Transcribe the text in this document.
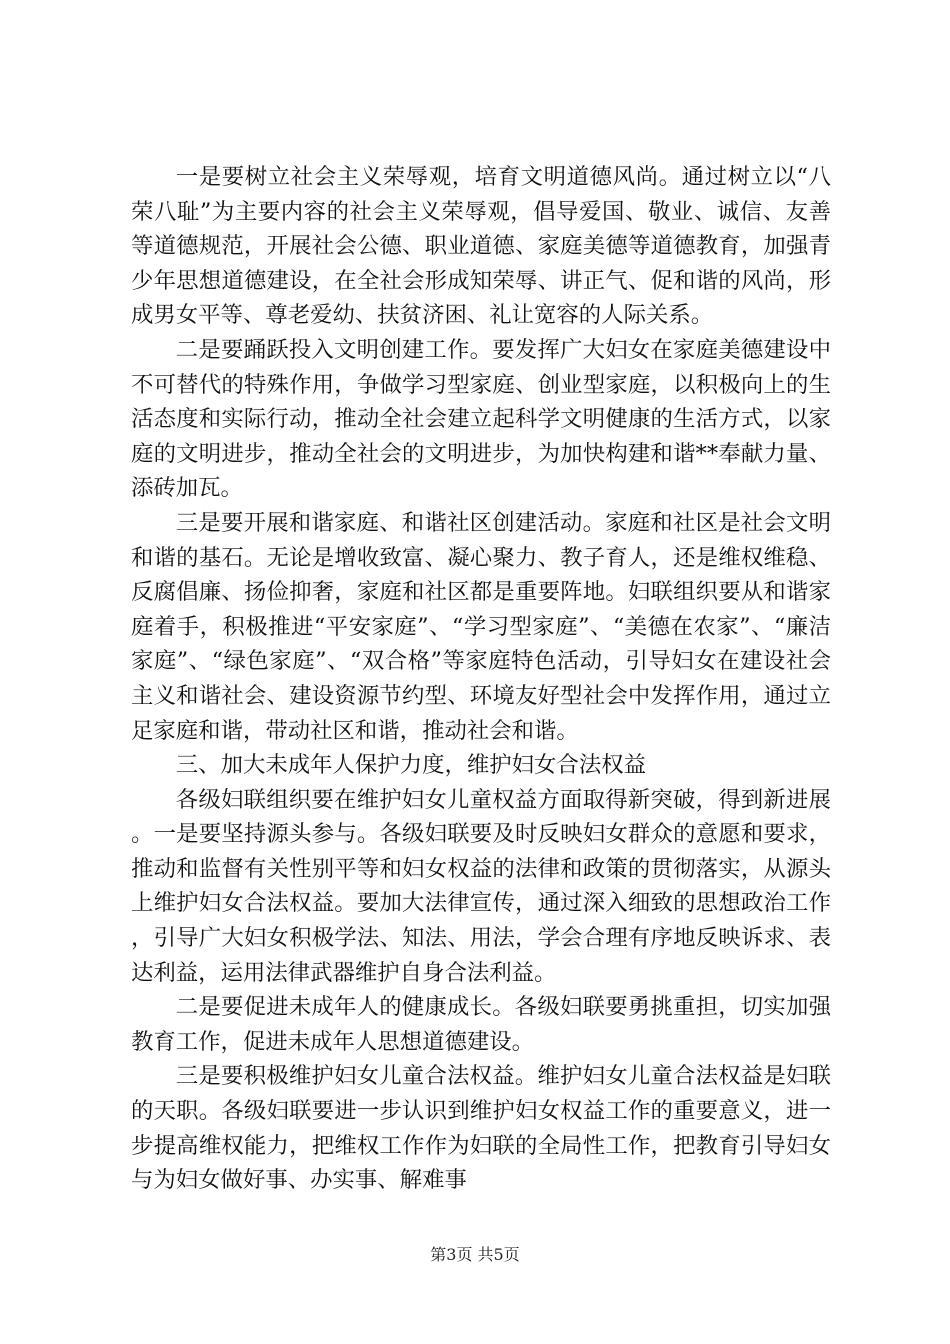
一是要树立社会主义荣辱观，培育文明道德风尚。通过树立以“八荣八耻”为主要内容的社会主义荣辱观，倡导爱国、敬业、诚信、友善等道德规范，开展社会公德、职业道德、家庭美德等道德教育，加强青少年思想道德建设，在全社会形成知荣辱、讲正气、促和谐的风尚，形成男女平等、尊老爱幼、扶贫济困、礼让宽容的人际关系。

二是要踊跃投入文明创建工作。要发挥广大妇女在家庭美德建设中不可替代的特殊作用，争做学习型家庭、创业型家庭，以积极向上的生活态度和实际行动，推动全社会建立起科学文明健康的生活方式，以家庭的文明进步，推动全社会的文明进步，为加快构建和谐**奉献力量、添砖加瓦。

三是要开展和谐家庭、和谐社区创建活动。家庭和社区是社会文明和谐的基石。无论是增收致富、凝心聚力、教子育人，还是维权维稳、反腐倡廉、扬俭抑奢，家庭和社区都是重要阵地。妇联组织要从和谐家庭着手，积极推进“平安家庭”、“学习型家庭”、“美德在农家”、“廉洁家庭”、“绿色家庭”、“双合格”等家庭特色活动，引导妇女在建设社会主义和谐社会、建设资源节约型、环境友好型社会中发挥作用，通过立足家庭和谐，带动社区和谐，推动社会和谐。

三、加大未成年人保护力度，维护妇女合法权益

各级妇联组织要在维护妇女儿童权益方面取得新突破，得到新进展。一是要坚持源头参与。各级妇联要及时反映妇女群众的意愿和要求，推动和监督有关性别平等和妇女权益的法律和政策的贯彻落实，从源头上维护妇女合法权益。要加大法律宣传，通过深入细致的思想政治工作，引导广大妇女积极学法、知法、用法，学会合理有序地反映诉求、表达利益，运用法律武器维护自身合法利益。

二是要促进未成年人的健康成长。各级妇联要勇挑重担，切实加强教育工作，促进未成年人思想道德建设。

三是要积极维护妇女儿童合法权益。维护妇女儿童合法权益是妇联的天职。各级妇联要进一步认识到维护妇女权益工作的重要意义，进一步提高维权能力，把维权工作作为妇联的全局性工作，把教育引导妇女与为妇女做好事、办实事、解难事

第3页 共5页
